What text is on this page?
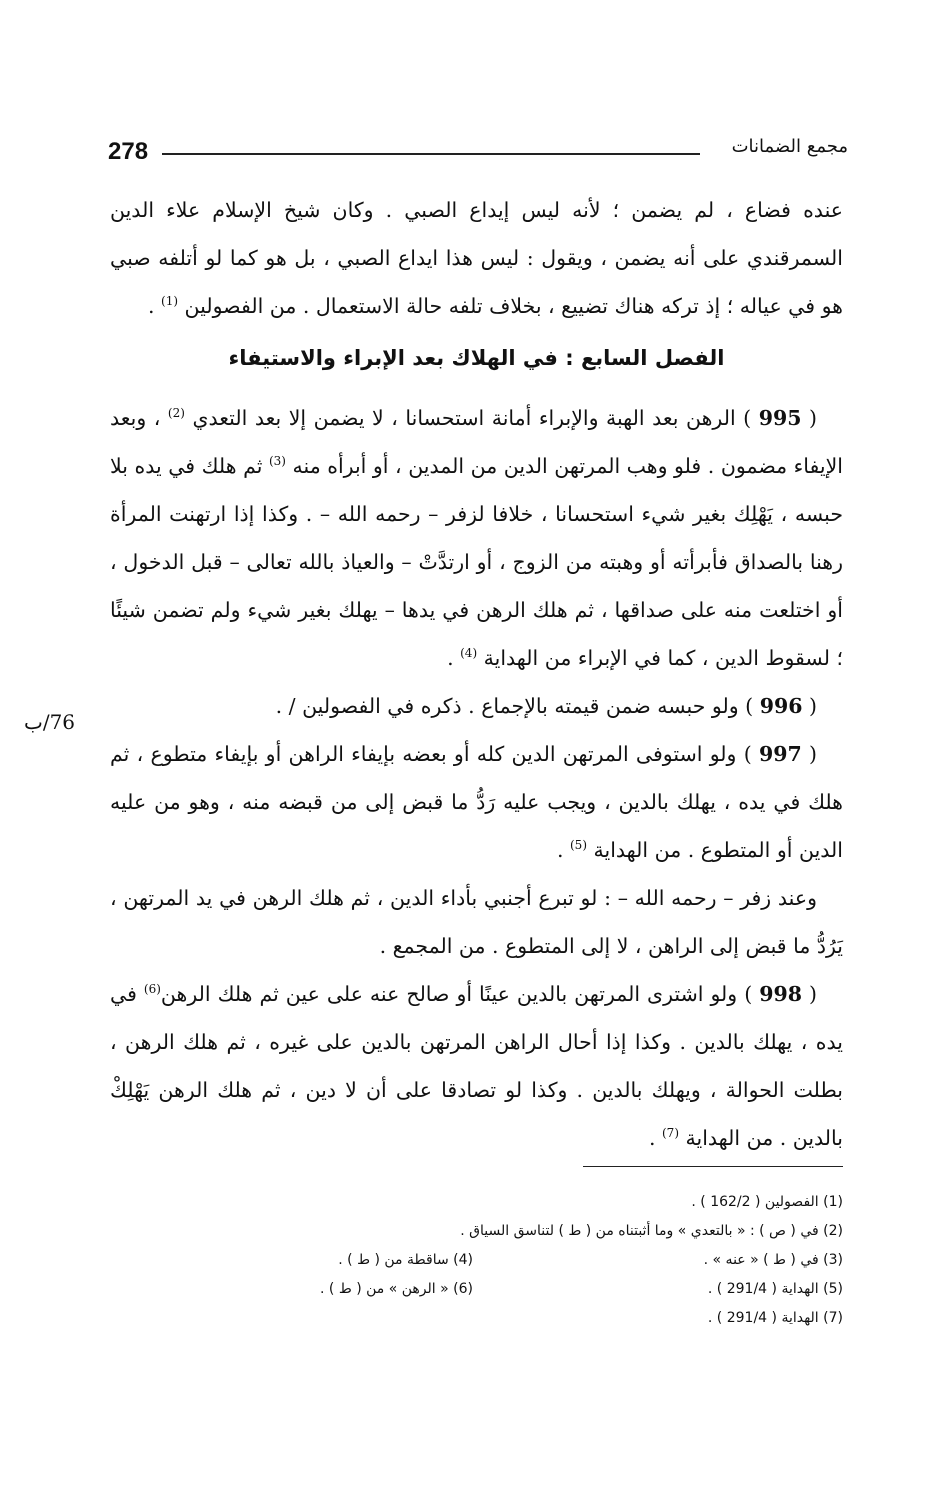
278	مجمع الضمانات
76/ب

عنده فضاع ، لم يضمن ؛ لأنه ليس إيداع الصبي . وكان شيخ الإسلام علاء الدين السمرقندي على أنه يضمن ، ويقول : ليس هذا ايداع الصبي ، بل هو كما لو أتلفه صبي هو في عياله ؛ إذ تركه هناك تضييع ، بخلاف تلفه حالة الاستعمال . من الفصولين $^{(1)}$ .

الفصل السابع : في الهلاك بعد الإبراء والاستيفاء

( 995 ) الرهن بعد الهبة والإبراء أمانة استحسانا ، لا يضمن إلا بعد التعدي $^{(2)}$ ، وبعد الإيفاء مضمون . فلو وهب المرتهن الدين من المدين ، أو أبرأه منه $^{(3)}$ ثم هلك في يده بلا حبسه ، يَهْلِك بغير شيء استحسانا ، خلافا لزفر – رحمه الله – . وكذا إذا ارتهنت المرأة رهنا بالصداق فأبرأته أو وهبته من الزوج ، أو ارتدَّتْ – والعياذ بالله تعالى – قبل الدخول ، أو اختلعت منه على صداقها ، ثم هلك الرهن في يدها – يهلك بغير شيء ولم تضمن شيئًا ؛ لسقوط الدين ، كما في الإبراء من الهداية $^{(4)}$ .

( 996 ) ولو حبسه ضمن قيمته بالإجماع . ذكره في الفصولين / .

( 997 ) ولو استوفى المرتهن الدين كله أو بعضه بإيفاء الراهن أو بإيفاء متطوع ، ثم هلك في يده ، يهلك بالدين ، ويجب عليه رَدُّ ما قبض إلى من قبضه منه ، وهو من عليه الدين أو المتطوع . من الهداية $^{(5)}$ .

وعند زفر – رحمه الله – : لو تبرع أجنبي بأداء الدين ، ثم هلك الرهن في يد المرتهن ، يَرُدُّ ما قبض إلى الراهن ، لا إلى المتطوع . من المجمع .

( 998 ) ولو اشترى المرتهن بالدين عينًا أو صالح عنه على عين ثم هلك الرهن$^{(6)}$ في يده ، يهلك بالدين . وكذا إذا أحال الراهن المرتهن بالدين على غيره ، ثم هلك الرهن ، بطلت الحوالة ، ويهلك بالدين . وكذا لو تصادقا على أن لا دين ، ثم هلك الرهن يَهْلِكْ بالدين . من الهداية $^{(7)}$ .

(1) الفصولين ( 162/2 ) .
(2) في ( ص ) : « بالتعدي » وما أثبتناه من ( ط ) لتناسق السياق .
(3) في ( ط ) « عنه » .(4) ساقطة من ( ط ) .
(5) الهداية ( 291/4 ) .(6) « الرهن » من ( ط ) .
(7) الهداية ( 291/4 ) .
